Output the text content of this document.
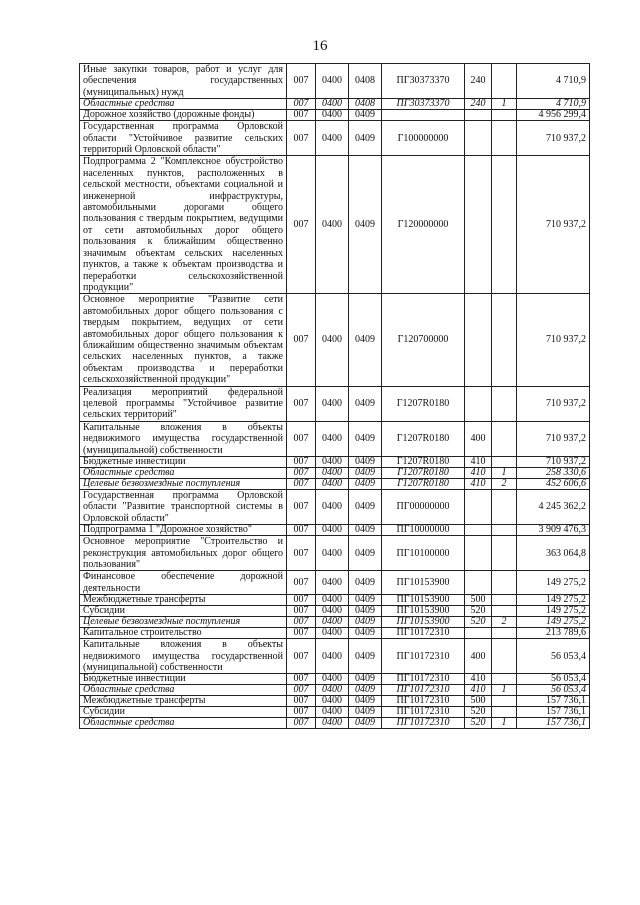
16
Иные закупки товаров, работ и услуг для обеспечения государственных (муниципальных) нужд	007	0400	0408	ПГ30373370	240		4 710,9
Областные средства	007	0400	0408	ПГ30373370	240	1	4 710,9
Дорожное хозяйство (дорожные фонды)	007	0400	0409				4 956 299,4
Государственная программа Орловской области "Устойчивое развитие сельских территорий Орловской области"	007	0400	0409	Г100000000			710 937,2
Подпрограмма 2 "Комплексное обустройство населенных пунктов, расположенных в сельской местности, объектами социальной и инженерной инфраструктуры, автомобильными дорогами общего пользования с твердым покрытием, ведущими от сети автомобильных дорог общего пользования к ближайшим общественно значимым объектам сельских населенных пунктов, а также к объектам производства и переработки сельскохозяйственной продукции"	007	0400	0409	Г120000000			710 937,2
Основное мероприятие "Развитие сети автомобильных дорог общего пользования с твердым покрытием, ведущих от сети автомобильных дорог общего пользования к ближайшим общественно значимым объектам сельских населенных пунктов, а также объектам производства и переработки сельскохозяйственной продукции"	007	0400	0409	Г120700000			710 937,2
Реализация мероприятий федеральной целевой программы "Устойчивое развитие сельских территорий"	007	0400	0409	Г1207R0180			710 937,2
Капитальные вложения в объекты недвижимого имущества государственной (муниципальной) собственности	007	0400	0409	Г1207R0180	400		710 937,2
Бюджетные инвестиции	007	0400	0409	Г1207R0180	410		710 937,2
Областные средства	007	0400	0409	Г1207R0180	410	1	258 330,6
Целевые безвозмездные поступления	007	0400	0409	Г1207R0180	410	2	452 606,6
Государственная программа Орловской области "Развитие транспортной системы в Орловской области"	007	0400	0409	ПГ00000000			4 245 362,2
Подпрограмма 1 "Дорожное хозяйство"	007	0400	0409	ПГ10000000			3 909 476,3
Основное мероприятие "Строительство и реконструкция автомобильных дорог общего пользования"	007	0400	0409	ПГ10100000			363 064,8
Финансовое обеспечение дорожной деятельности	007	0400	0409	ПГ10153900			149 275,2
Межбюджетные трансферты	007	0400	0409	ПГ10153900	500		149 275,2
Субсидии	007	0400	0409	ПГ10153900	520		149 275,2
Целевые безвозмездные поступления	007	0400	0409	ПГ10153900	520	2	149 275,2
Капитальное строительство	007	0400	0409	ПГ10172310			213 789,6
Капитальные вложения в объекты недвижимого имущества государственной (муниципальной) собственности	007	0400	0409	ПГ10172310	400		56 053,4
Бюджетные инвестиции	007	0400	0409	ПГ10172310	410		56 053,4
Областные средства	007	0400	0409	ПГ10172310	410	1	56 053,4
Межбюджетные трансферты	007	0400	0409	ПГ10172310	500		157 736,1
Субсидии	007	0400	0409	ПГ10172310	520		157 736,1
Областные средства	007	0400	0409	ПГ10172310	520	1	157 736,1
